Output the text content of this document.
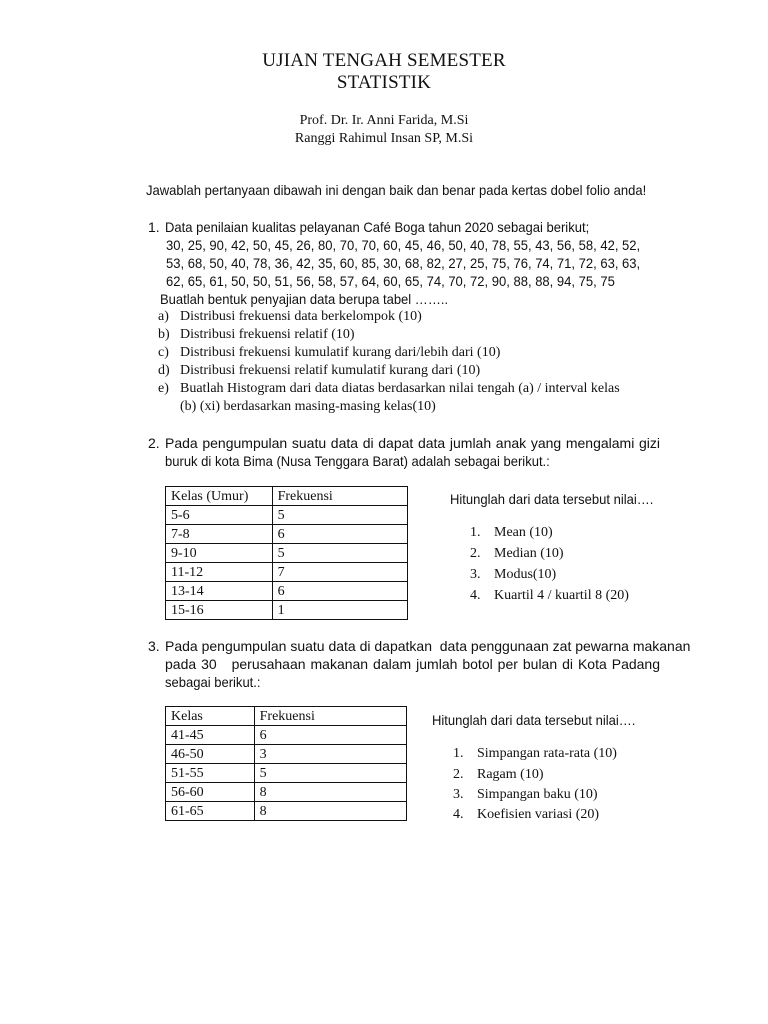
UJIAN TENGAH SEMESTER
STATISTIK
Prof. Dr. Ir. Anni Farida, M.Si
Ranggi Rahimul Insan SP, M.Si
Jawablah pertanyaan dibawah ini dengan baik dan benar pada kertas dobel folio anda!
1. Data penilaian kualitas pelayanan Café Boga tahun 2020 sebagai berikut;
30, 25, 90, 42, 50, 45, 26, 80, 70, 70, 60, 45, 46, 50, 40, 78, 55, 43, 56, 58, 42, 52,
53, 68, 50, 40, 78, 36, 42, 35, 60, 85, 30, 68, 82, 27, 25, 75, 76, 74, 71, 72, 63, 63,
62, 65, 61, 50, 50, 51, 56, 58, 57, 64, 60, 65, 74, 70, 72, 90, 88, 88, 94, 75, 75
Buatlah bentuk penyajian data berupa tabel ……..
a) Distribusi frekuensi data berkelompok (10)
b) Distribusi frekuensi relatif (10)
c) Distribusi frekuensi kumulatif kurang dari/lebih dari (10)
d) Distribusi frekuensi relatif kumulatif kurang dari (10)
e) Buatlah Histogram dari data diatas berdasarkan nilai tengah (a) / interval kelas
(b) (xi) berdasarkan masing-masing kelas(10)
2. Pada pengumpulan suatu data di dapat data jumlah anak yang mengalami gizi
buruk di kota Bima (Nusa Tenggara Barat) adalah sebagai berikut.:
Kelas (Umur)	Frekuensi
5-6	5
7-8	6
9-10	5
11-12	7
13-14	6
15-16	1
Hitunglah dari data tersebut nilai….
1. Mean (10)
2. Median (10)
3. Modus(10)
4. Kuartil 4 / kuartil 8 (20)
3. Pada pengumpulan suatu data di dapatkan  data penggunaan zat pewarna makanan
pada 30   perusahaan makanan dalam jumlah botol per bulan di Kota Padang
sebagai berikut.:
Kelas	Frekuensi
41-45	6
46-50	3
51-55	5
56-60	8
61-65	8
Hitunglah dari data tersebut nilai….
1. Simpangan rata-rata (10)
2. Ragam (10)
3. Simpangan baku (10)
4. Koefisien variasi (20)
